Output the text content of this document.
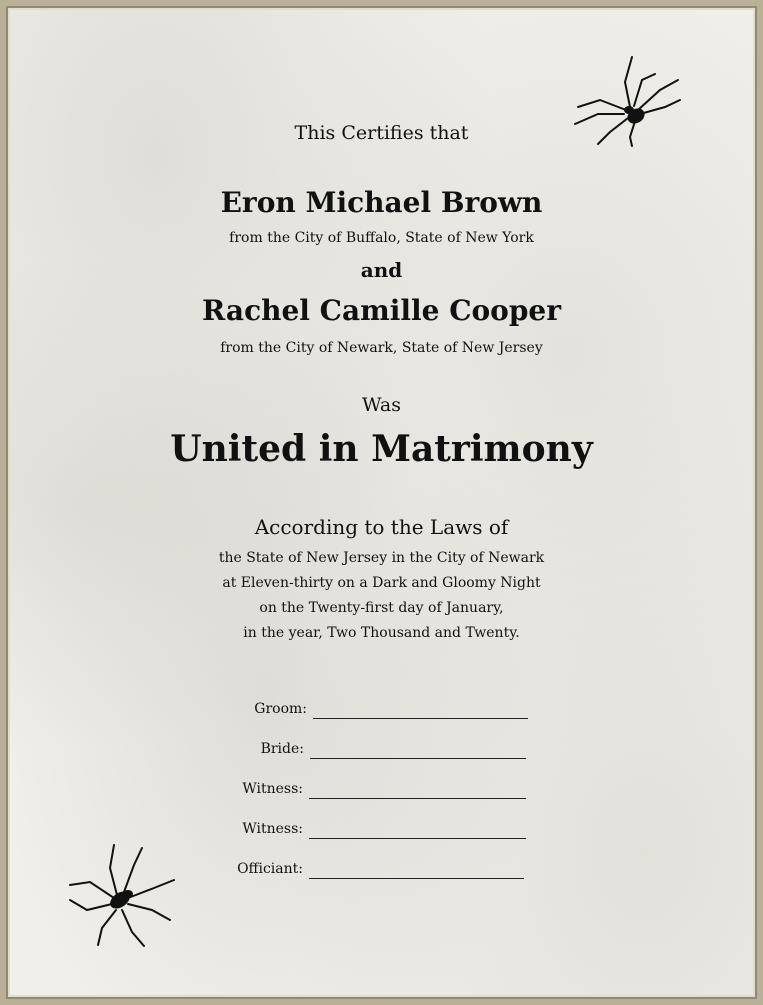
This Certifies that
Eron Michael Brown
from the City of Buffalo, State of New York
and
Rachel Camille Cooper
from the City of Newark, State of New Jersey
Was
United in Matrimony
According to the Laws of
the State of New Jersey in the City of Newark
at Eleven-thirty on a Dark and Gloomy Night
on the Twenty-first day of January,
in the year, Two Thousand and Twenty.
Groom:
Bride:
Witness:
Witness:
Officiant:
